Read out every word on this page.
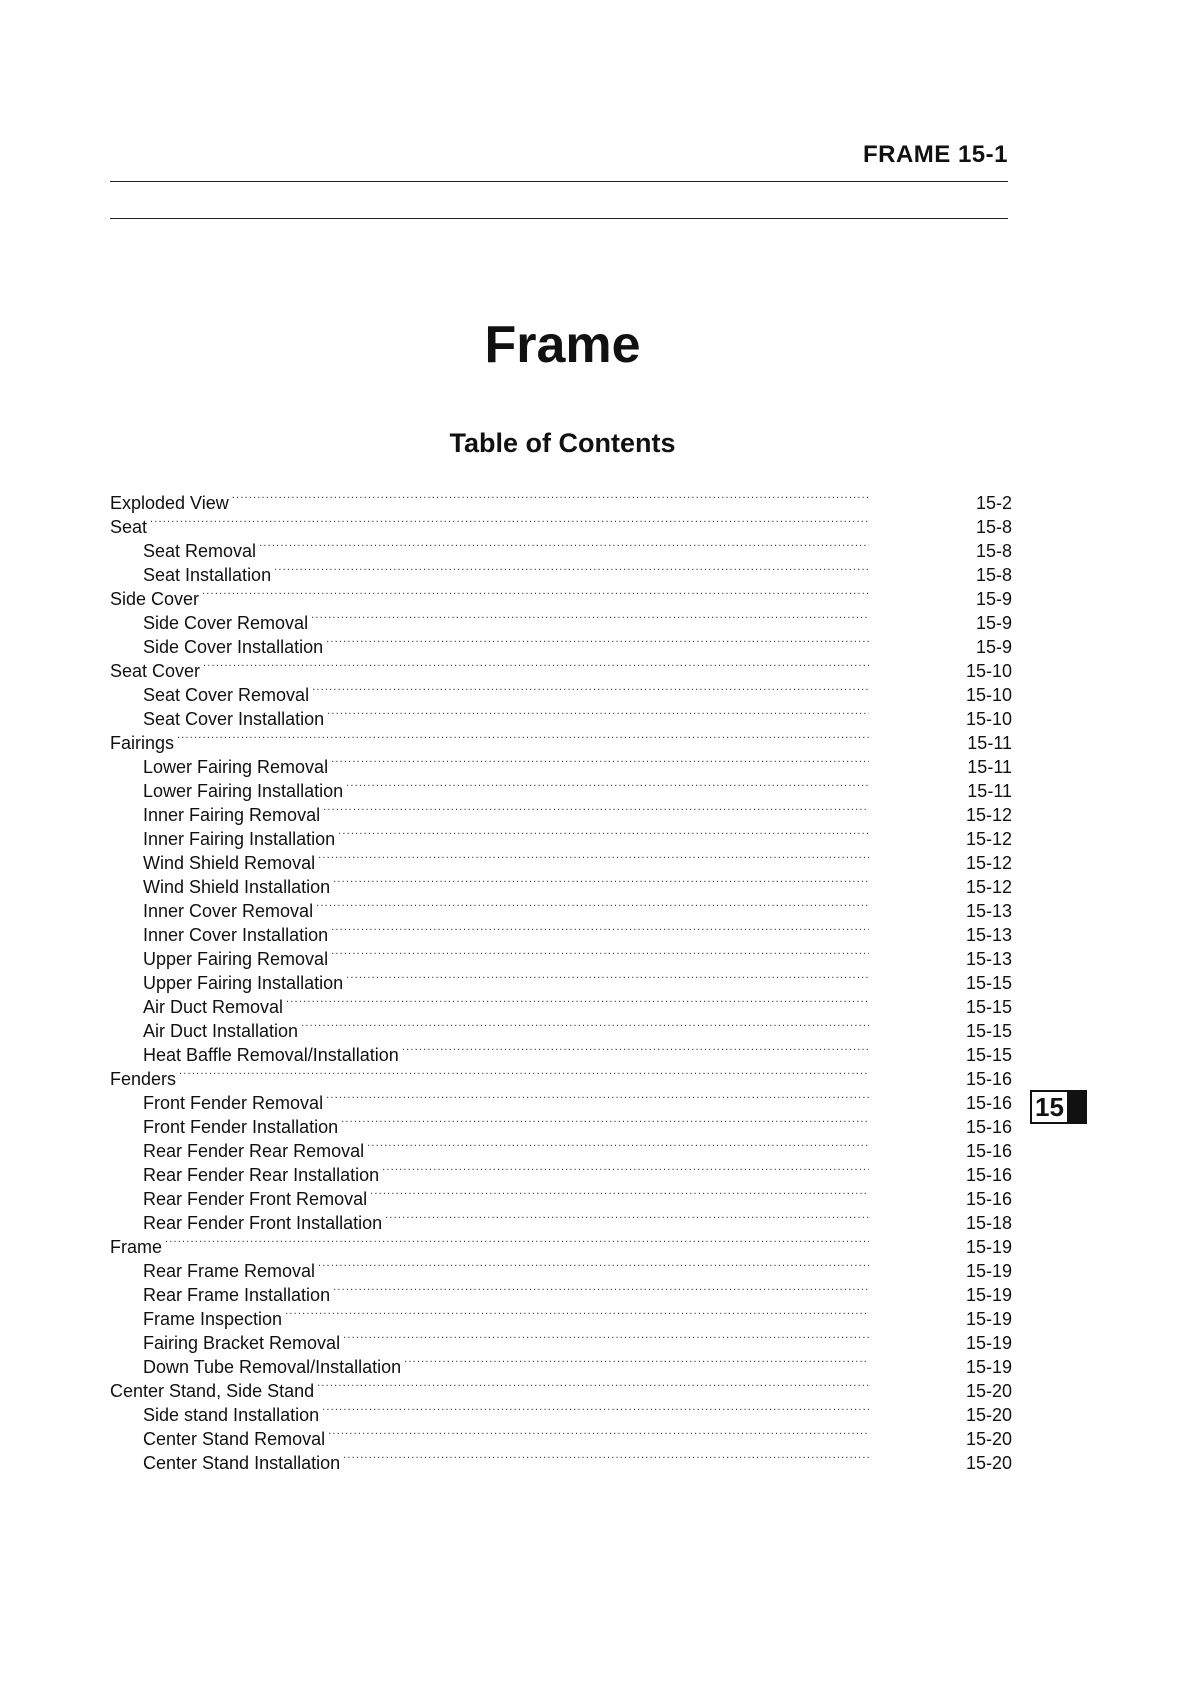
FRAME 15-1
Frame
Table of Contents
Exploded View .....	15-2
Seat .....	15-8
Seat Removal .....	15-8
Seat Installation .....	15-8
Side Cover .....	15-9
Side Cover Removal .....	15-9
Side Cover Installation .....	15-9
Seat Cover .....	15-10
Seat Cover Removal .....	15-10
Seat Cover Installation .....	15-10
Fairings .....	15-11
Lower Fairing Removal .....	15-11
Lower Fairing Installation .....	15-11
Inner Fairing Removal .....	15-12
Inner Fairing Installation .....	15-12
Wind Shield Removal .....	15-12
Wind Shield Installation .....	15-12
Inner Cover Removal .....	15-13
Inner Cover Installation .....	15-13
Upper Fairing Removal .....	15-13
Upper Fairing Installation .....	15-15
Air Duct Removal .....	15-15
Air Duct Installation .....	15-15
Heat Baffle Removal/Installation .....	15-15
Fenders .....	15-16
Front Fender Removal .....	15-16
Front Fender Installation .....	15-16
Rear Fender Rear Removal .....	15-16
Rear Fender Rear Installation .....	15-16
Rear Fender Front Removal .....	15-16
Rear Fender Front Installation .....	15-18
Frame .....	15-19
Rear Frame Removal .....	15-19
Rear Frame Installation .....	15-19
Frame Inspection .....	15-19
Fairing Bracket Removal .....	15-19
Down Tube Removal/Installation .....	15-19
Center Stand, Side Stand .....	15-20
Side stand Installation .....	15-20
Center Stand Removal .....	15-20
Center Stand Installation .....	15-20
15
